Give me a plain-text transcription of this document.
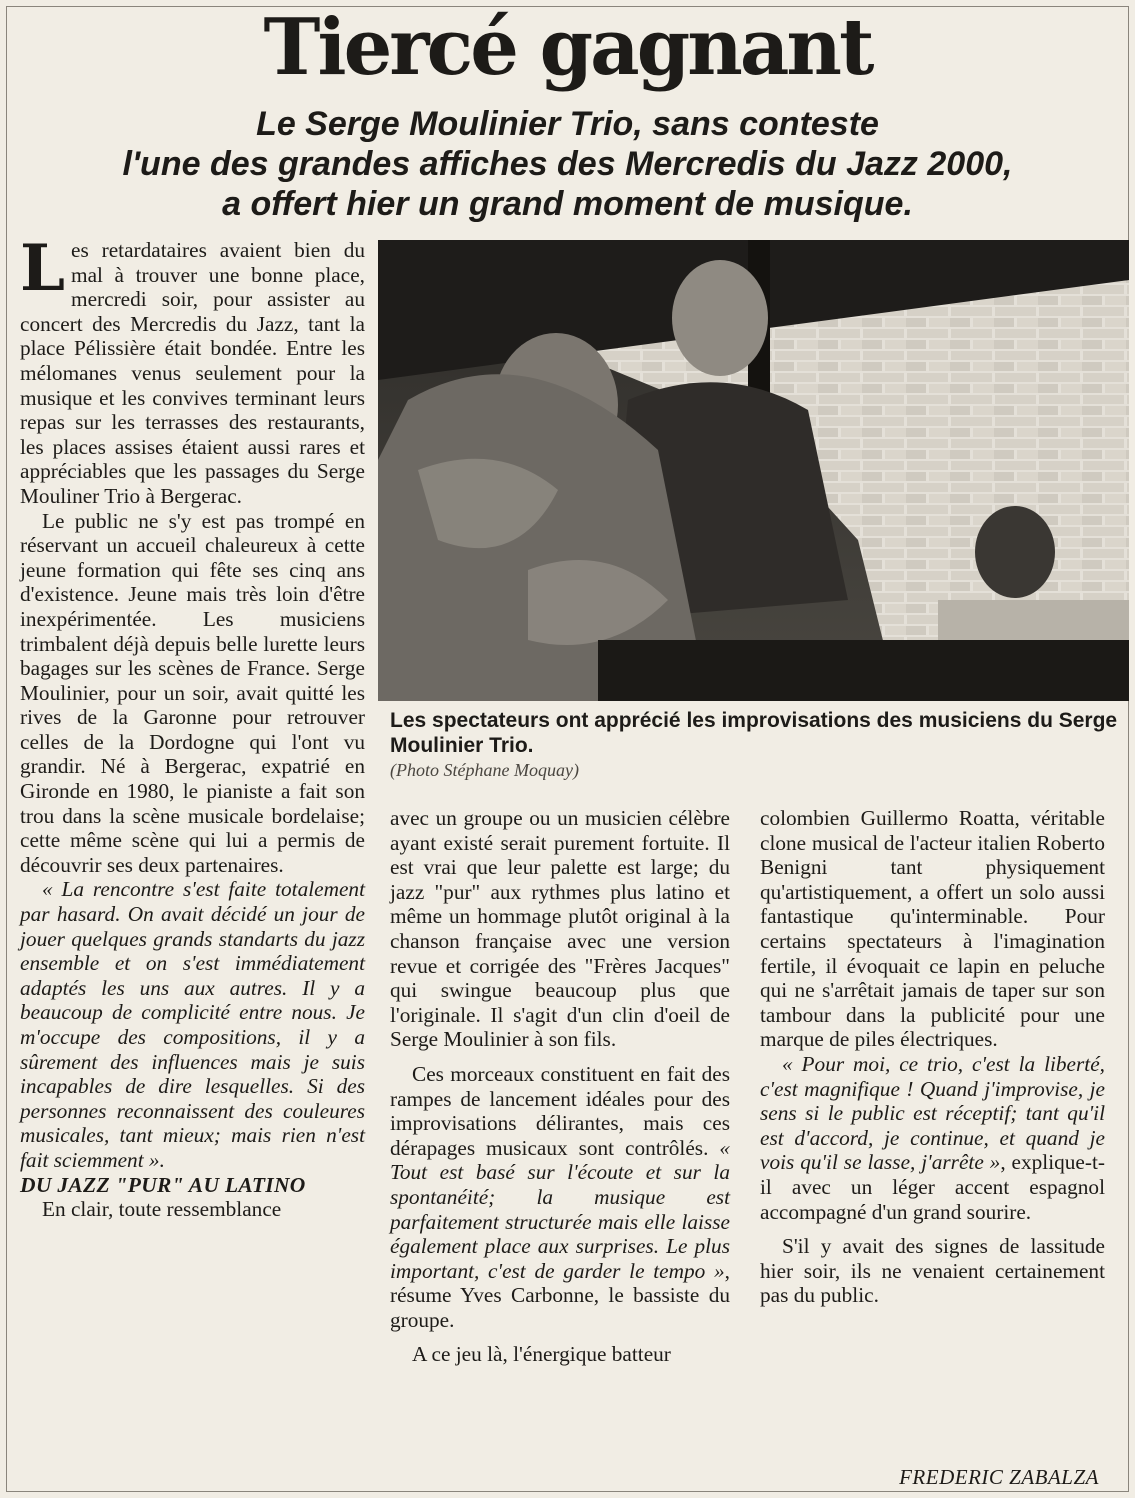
Tiercé gagnant
Le Serge Moulinier Trio, sans conteste
l'une des grandes affiches des Mercredis du Jazz 2000,
a offert hier un grand moment de musique.

Les retardataires avaient bien du mal à trouver une bonne place, mercredi soir, pour assister au concert des Mercredis du Jazz, tant la place Pélissière était bondée. Entre les mélomanes venus seulement pour la musique et les convives terminant leurs repas sur les terrasses des restaurants, les places assises étaient aussi rares et appréciables que les passages du Serge Mouliner Trio à Bergerac.

Le public ne s'y est pas trompé en réservant un accueil chaleureux à cette jeune formation qui fête ses cinq ans d'existence. Jeune mais très loin d'être inexpérimentée. Les musiciens trimbalent déjà depuis belle lurette leurs bagages sur les scènes de France. Serge Moulinier, pour un soir, avait quitté les rives de la Garonne pour retrouver celles de la Dordogne qui l'ont vu grandir. Né à Bergerac, expatrié en Gironde en 1980, le pianiste a fait son trou dans la scène musicale bordelaise; cette même scène qui lui a permis de découvrir ses deux partenaires.

« La rencontre s'est faite totalement par hasard. On avait décidé un jour de jouer quelques grands standarts du jazz ensemble et on s'est immédiatement adaptés les uns aux autres. Il y a beaucoup de complicité entre nous. Je m'occupe des compositions, il y a sûrement des influences mais je suis incapables de dire lesquelles. Si des personnes reconnaissent des couleures musicales, tant mieux; mais rien n'est fait sciemment ».

DU JAZZ "PUR" AU LATINO

En clair, toute ressemblance

Les spectateurs ont apprécié les improvisations des musiciens du Serge Moulinier Trio.
(Photo Stéphane Moquay)

avec un groupe ou un musicien célèbre ayant existé serait purement fortuite. Il est vrai que leur palette est large; du jazz "pur" aux rythmes plus latino et même un hommage plutôt original à la chanson française avec une version revue et corrigée des "Frères Jacques" qui swingue beaucoup plus que l'originale. Il s'agit d'un clin d'oeil de Serge Moulinier à son fils.

Ces morceaux constituent en fait des rampes de lancement idéales pour des improvisations délirantes, mais ces dérapages musicaux sont contrôlés. « Tout est basé sur l'écoute et sur la spontanéité; la musique est parfaitement structurée mais elle laisse également place aux surprises. Le plus important, c'est de garder le tempo », résume Yves Carbonne, le bassiste du groupe.

A ce jeu là, l'énergique batteur

colombien Guillermo Roatta, véritable clone musical de l'acteur italien Roberto Benigni tant physiquement qu'artistiquement, a offert un solo aussi fantastique qu'interminable. Pour certains spectateurs à l'imagination fertile, il évoquait ce lapin en peluche qui ne s'arrêtait jamais de taper sur son tambour dans la publicité pour une marque de piles électriques.

« Pour moi, ce trio, c'est la liberté, c'est magnifique ! Quand j'improvise, je sens si le public est réceptif; tant qu'il est d'accord, je continue, et quand je vois qu'il se lasse, j'arrête », explique-t-il avec un léger accent espagnol accompagné d'un grand sourire.

S'il y avait des signes de lassitude hier soir, ils ne venaient certainement pas du public.

FREDERIC ZABALZA
